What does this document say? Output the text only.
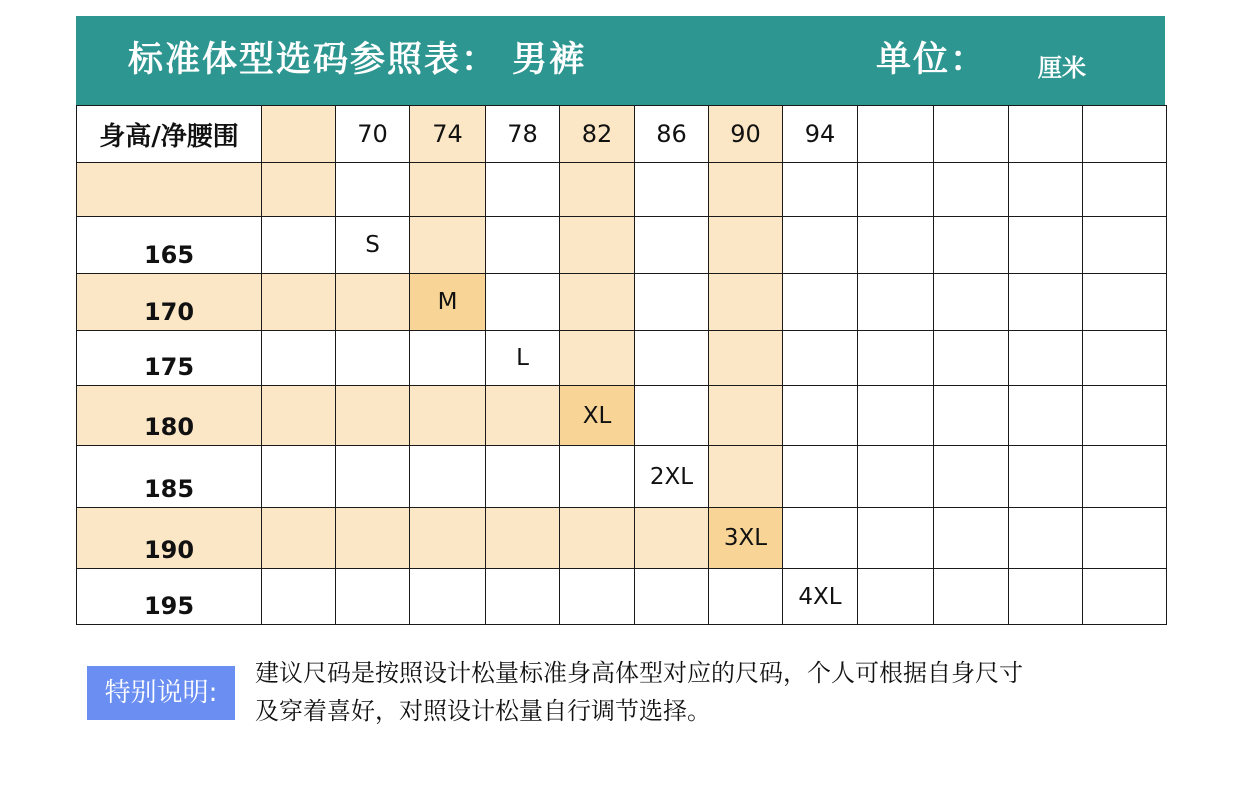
标准体型选码参照表： 男裤	单位： 厘米
身高/净腰围		70	74	78	82	86	90	94				

165		S										
170			M									
175				L								
180					XL							
185						2XL						
190							3XL					
195								4XL				
特别说明:
建议尺码是按照设计松量标准身高体型对应的尺码，个人可根据自身尺寸
及穿着喜好，对照设计松量自行调节选择。
